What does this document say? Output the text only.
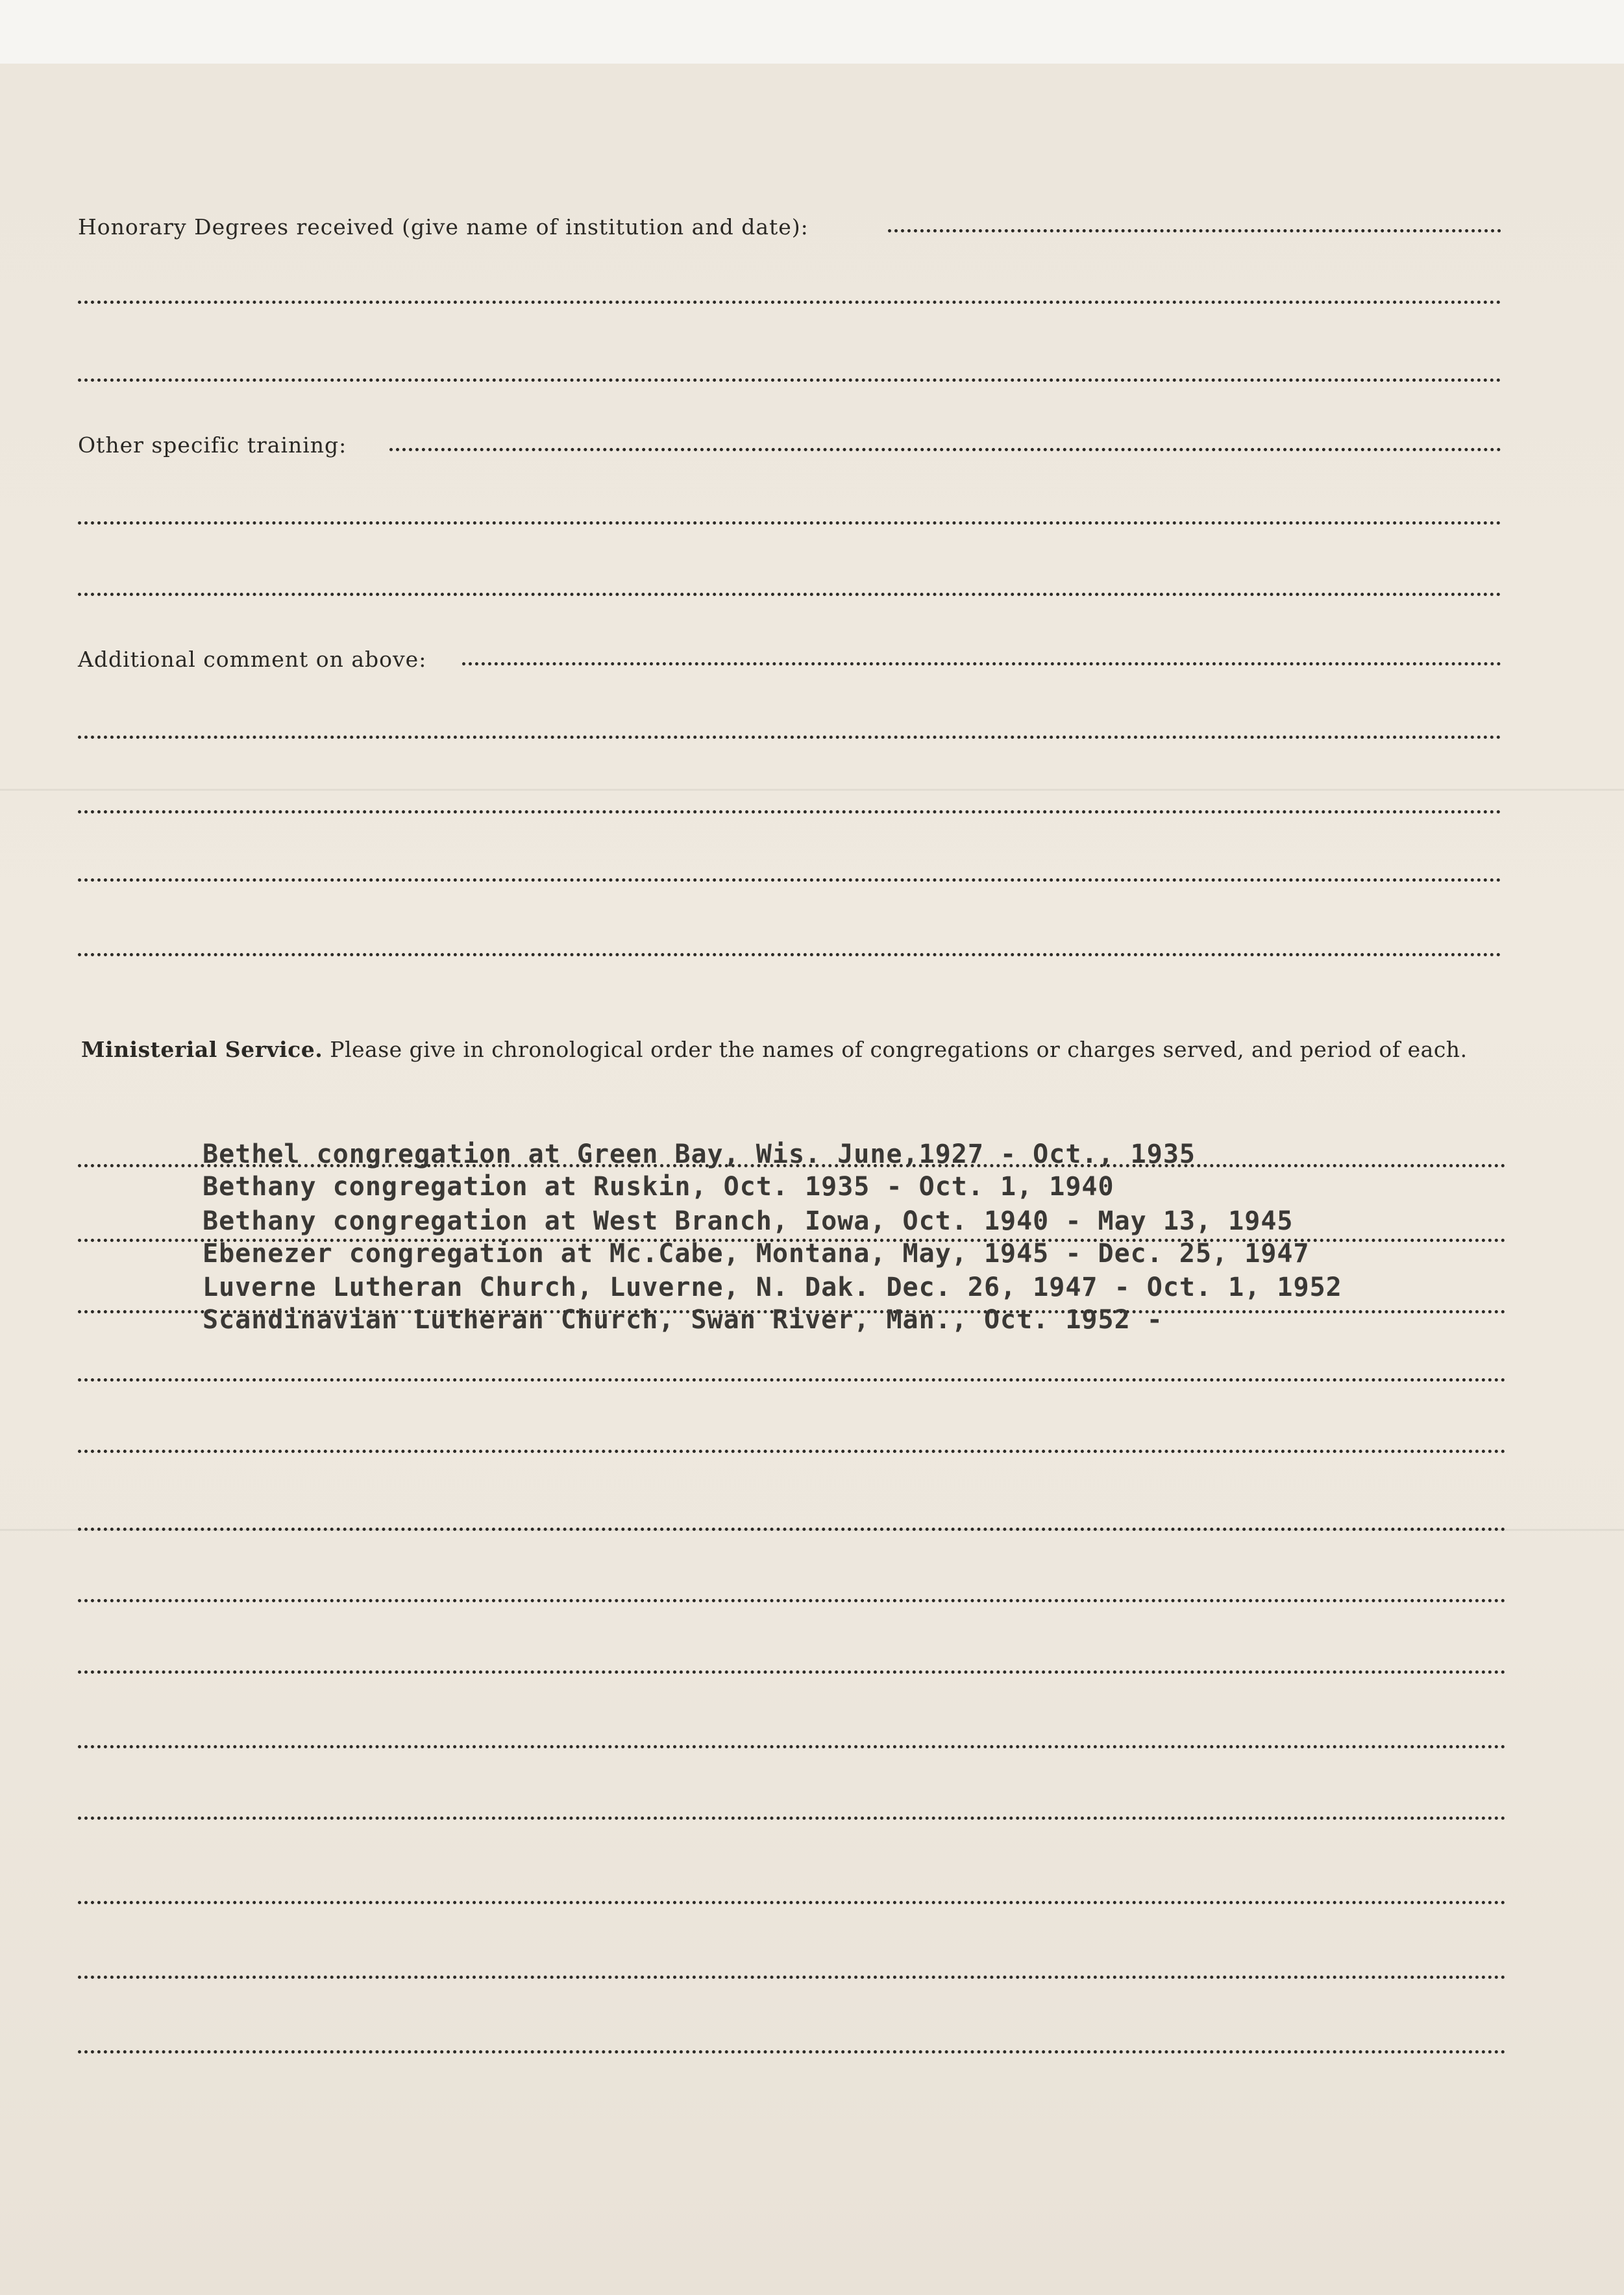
Honorary Degrees received (give name of institution and date):
Other specific training:
Additional comment on above:
Ministerial Service. Please give in chronological order the names of congregations or charges served, and period of each.
Bethel congregation at Green Bay, Wis. June,1927 - Oct., 1935
Bethany congregation at Ruskin, Oct. 1935 - Oct. 1, 1940
Bethany congregation at West Branch, Iowa, Oct. 1940 - May 13, 1945
Ebenezer congregation at Mc.Cabe, Montana, May, 1945 - Dec. 25, 1947
Luverne Lutheran Church, Luverne, N. Dak. Dec. 26, 1947 - Oct. 1, 1952
Scandinavian Lutheran Church, Swan River, Man., Oct. 1952 -
